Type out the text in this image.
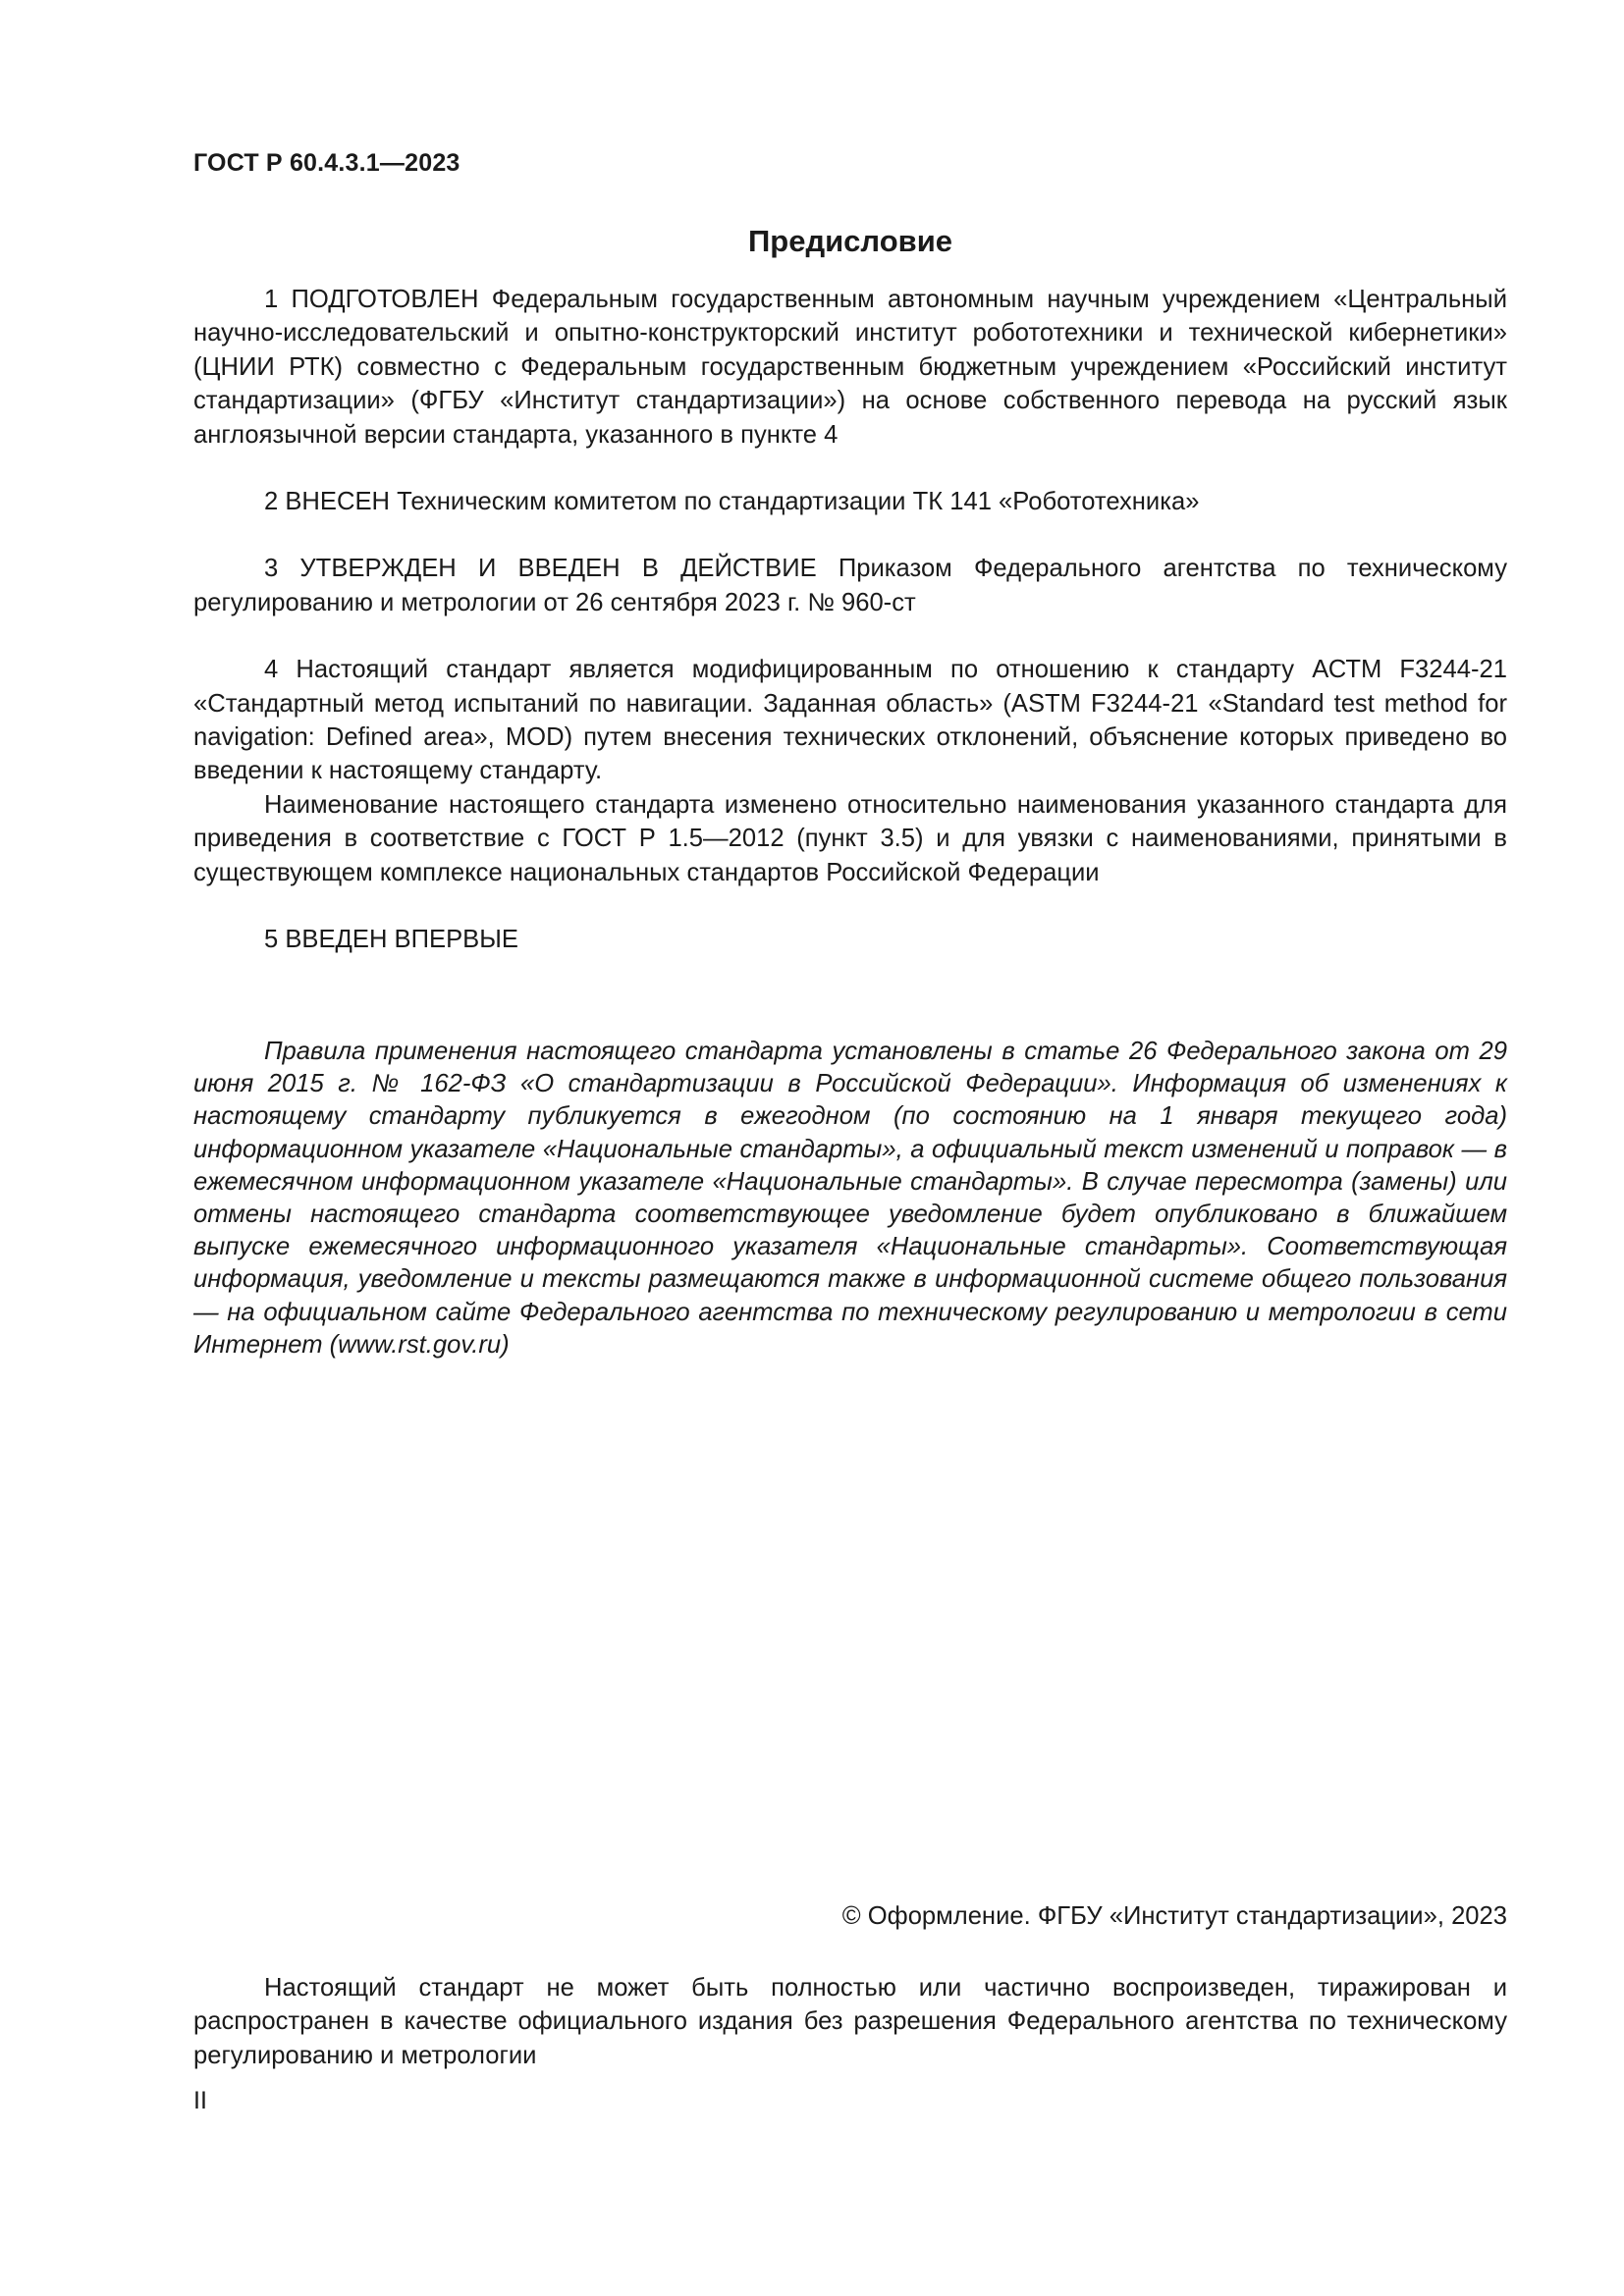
ГОСТ Р 60.4.3.1—2023
Предисловие

1 ПОДГОТОВЛЕН Федеральным государственным автономным научным учреждением «Центральный научно-исследовательский и опытно-конструкторский институт робототехники и технической кибернетики» (ЦНИИ РТК) совместно с Федеральным государственным бюджетным учреждением «Российский институт стандартизации» (ФГБУ «Институт стандартизации») на основе собственного перевода на русский язык англоязычной версии стандарта, указанного в пункте 4

2 ВНЕСЕН Техническим комитетом по стандартизации ТК 141 «Робототехника»

3 УТВЕРЖДЕН И ВВЕДЕН В ДЕЙСТВИЕ Приказом Федерального агентства по техническому регулированию и метрологии от 26 сентября 2023 г. № 960-ст

4 Настоящий стандарт является модифицированным по отношению к стандарту АСТМ F3244-21 «Стандартный метод испытаний по навигации. Заданная область» (ASTM F3244-21 «Standard test method for navigation: Defined area», MOD) путем внесения технических отклонений, объяснение которых приведено во введении к настоящему стандарту.

Наименование настоящего стандарта изменено относительно наименования указанного стандарта для приведения в соответствие с ГОСТ Р 1.5—2012 (пункт 3.5) и для увязки с наименованиями, принятыми в существующем комплексе национальных стандартов Российской Федерации

5 ВВЕДЕН ВПЕРВЫЕ

Правила применения настоящего стандарта установлены в статье 26 Федерального закона от 29 июня 2015 г. № 162-ФЗ «О стандартизации в Российской Федерации». Информация об изменениях к настоящему стандарту публикуется в ежегодном (по состоянию на 1 января текущего года) информационном указателе «Национальные стандарты», а официальный текст изменений и поправок — в ежемесячном информационном указателе «Национальные стандарты». В случае пересмотра (замены) или отмены настоящего стандарта соответствующее уведомление будет опубликовано в ближайшем выпуске ежемесячного информационного указателя «Национальные стандарты». Соответствующая информация, уведомление и тексты размещаются также в информационной системе общего пользования — на официальном сайте Федерального агентства по техническому регулированию и метрологии в сети Интернет (www.rst.gov.ru)

© Оформление. ФГБУ «Институт стандартизации», 2023

Настоящий стандарт не может быть полностью или частично воспроизведен, тиражирован и распространен в качестве официального издания без разрешения Федерального агентства по техническому регулированию и метрологии

II
